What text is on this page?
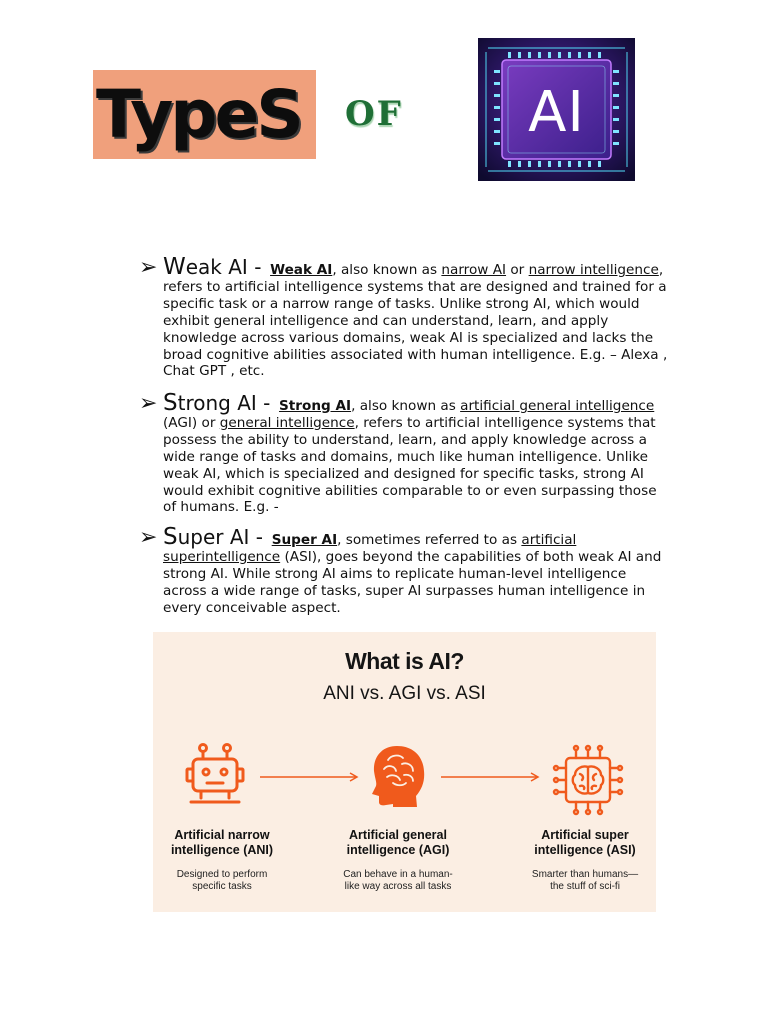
TypeS OF	AI
➢ Weak AI - Weak AI, also known as narrow AI or narrow intelligence, refers to artificial intelligence systems that are designed and trained for a specific task or a narrow range of tasks. Unlike strong AI, which would exhibit general intelligence and can understand, learn, and apply knowledge across various domains, weak AI is specialized and lacks the broad cognitive abilities associated with human intelligence. E.g. – Alexa , Chat GPT , etc.
➢ Strong AI - Strong AI, also known as artificial general intelligence (AGI) or general intelligence, refers to artificial intelligence systems that possess the ability to understand, learn, and apply knowledge across a wide range of tasks and domains, much like human intelligence. Unlike weak AI, which is specialized and designed for specific tasks, strong AI would exhibit cognitive abilities comparable to or even surpassing those of humans. E.g. -
➢ Super AI - Super AI, sometimes referred to as artificial superintelligence (ASI), goes beyond the capabilities of both weak AI and strong AI. While strong AI aims to replicate human-level intelligence across a wide range of tasks, super AI surpasses human intelligence in every conceivable aspect.
What is AI?
ANI vs. AGI vs. ASI
Artificial narrow
intelligence (ANI)
Designed to perform
specific tasks
Artificial general
intelligence (AGI)
Can behave in a human-
like way across all tasks
Artificial super
intelligence (ASI)
Smarter than humans—
the stuff of sci-fi
